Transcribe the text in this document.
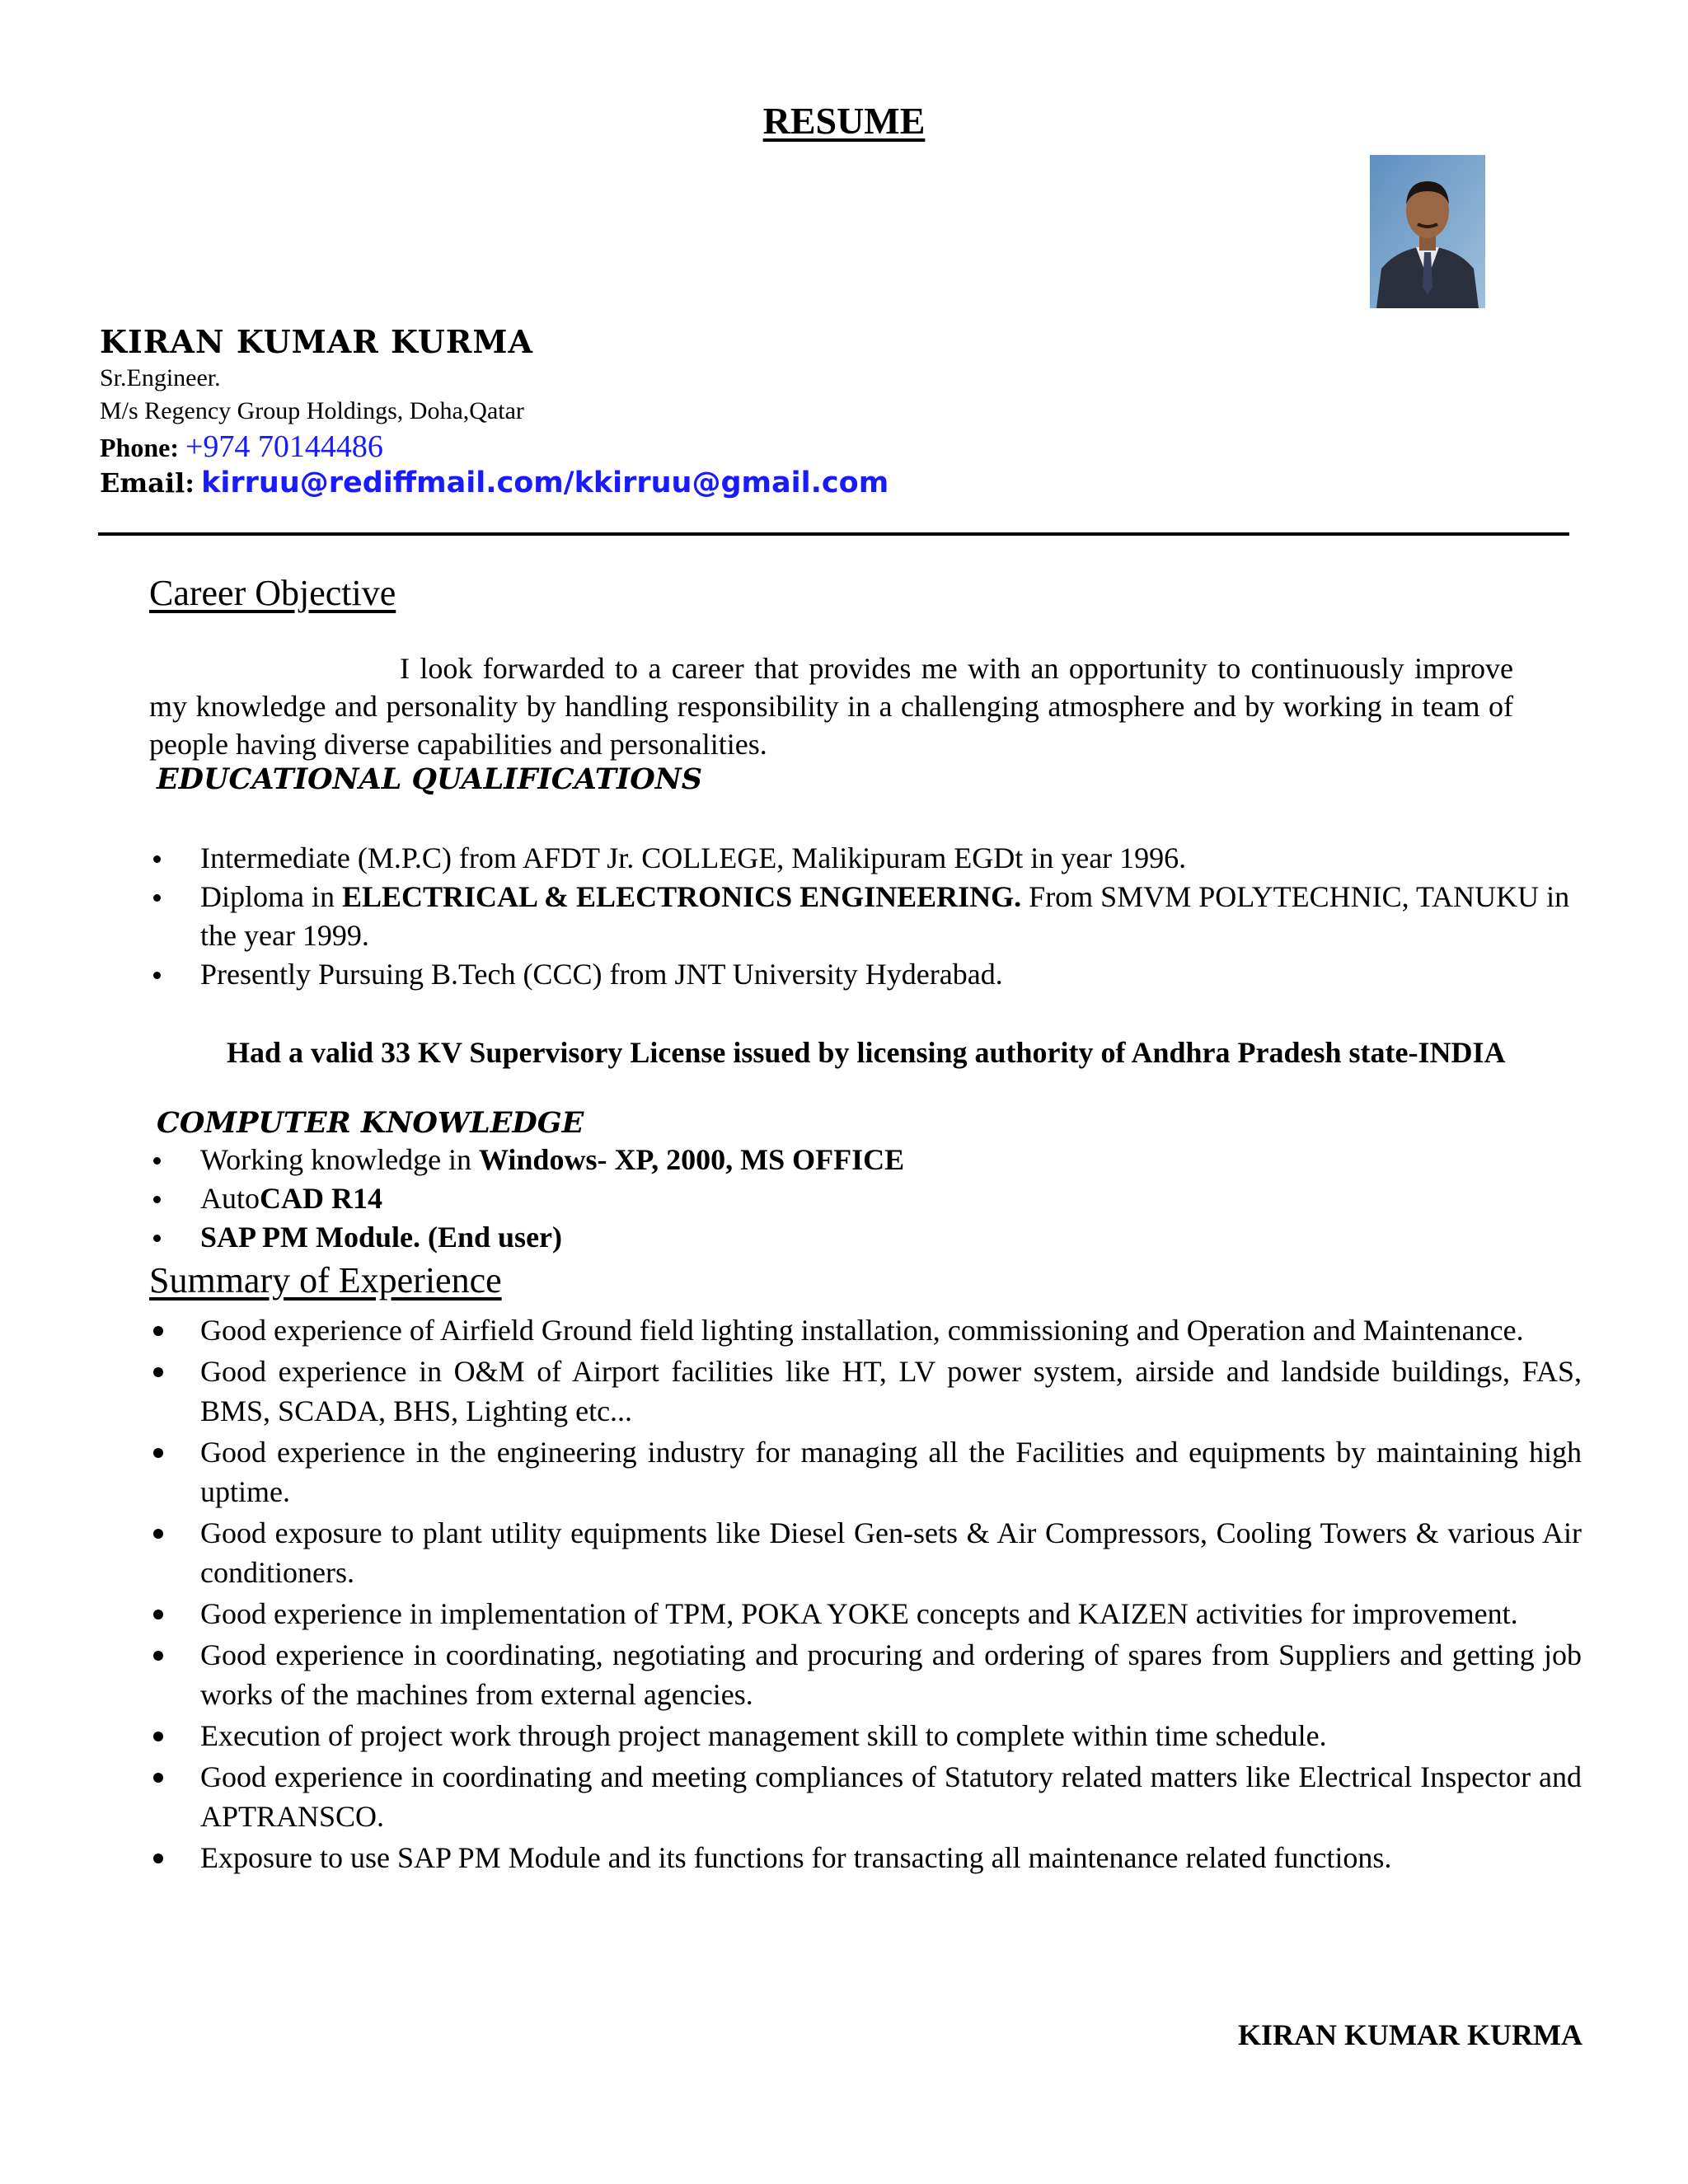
RESUME
KIRAN KUMAR KURMA
Sr.Engineer.
M/s Regency Group Holdings, Doha,Qatar
Phone: +974 70144486
Email: kirruu@rediffmail.com/kkirruu@gmail.com
Career Objective
I look forwarded to a career that provides me with an opportunity to continuously improve my knowledge and personality by handling responsibility in a challenging atmosphere and by working in team of people having diverse capabilities and personalities.
EDUCATIONAL QUALIFICATIONS
Intermediate (M.P.C) from AFDT Jr. COLLEGE, Malikipuram EGDt in year 1996.
Diploma in ELECTRICAL & ELECTRONICS ENGINEERING. From SMVM POLYTECHNIC, TANUKU in the year 1999.
Presently Pursuing B.Tech (CCC) from JNT University Hyderabad.
Had a valid 33 KV Supervisory License issued by licensing authority of Andhra Pradesh state-INDIA
COMPUTER KNOWLEDGE
Working knowledge in Windows- XP, 2000, MS OFFICE
AutoCAD R14
SAP PM Module. (End user)
Summary of Experience
Good experience of Airfield Ground field lighting installation, commissioning and Operation and Maintenance.
Good experience in O&M of Airport facilities like HT, LV power system, airside and landside buildings, FAS, BMS, SCADA, BHS, Lighting etc...
Good experience in the engineering industry for managing all the Facilities and equipments by maintaining high uptime.
Good exposure to plant utility equipments like Diesel Gen-sets & Air Compressors, Cooling Towers & various Air conditioners.
Good experience in implementation of TPM, POKA YOKE concepts and KAIZEN activities for improvement.
Good experience in coordinating, negotiating and procuring and ordering of spares from Suppliers and getting job works of the machines from external agencies.
Execution of project work through project management skill to complete within time schedule.
Good experience in coordinating and meeting compliances of Statutory related matters like Electrical Inspector and APTRANSCO.
Exposure to use SAP PM Module and its functions for transacting all maintenance related functions.
KIRAN KUMAR KURMA
